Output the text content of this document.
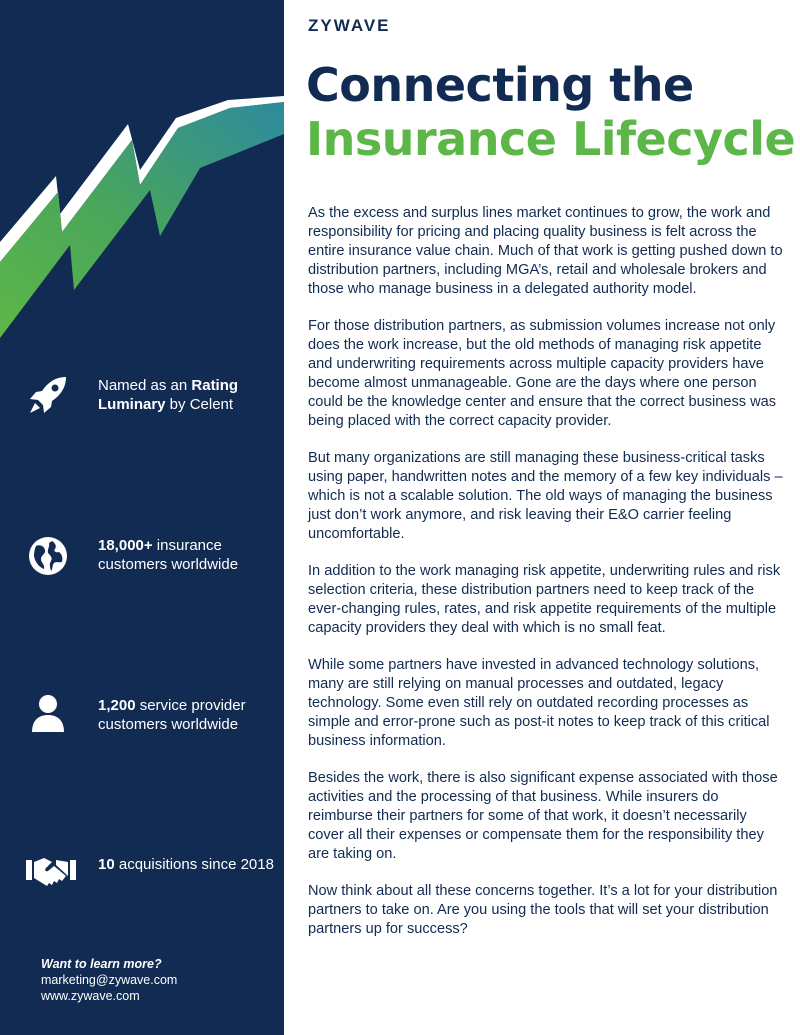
Named as an Rating Luminary by Celent
18,000+ insurance customers worldwide
1,200 service provider customers worldwide
10 acquisitions since 2018
Want to learn more?
marketing@zywave.com
www.zywave.com
ZYWAVE
Connecting the
Insurance Lifecycle

As the excess and surplus lines market continues to grow, the work and responsibility for pricing and placing quality business is felt across the entire insurance value chain. Much of that work is getting pushed down to distribution partners, including MGA’s, retail and wholesale brokers and those who manage business in a delegated authority model.

For those distribution partners, as submission volumes increase not only does the work increase, but the old methods of managing risk appetite and underwriting requirements across multiple capacity providers have become almost unmanageable. Gone are the days where one person could be the knowledge center and ensure that the correct business was being placed with the correct capacity provider.

But many organizations are still managing these business-critical tasks using paper, handwritten notes and the memory of a few key individuals – which is not a scalable solution. The old ways of managing the business just don’t work anymore, and risk leaving their E&O carrier feeling uncomfortable.

In addition to the work managing risk appetite, underwriting rules and risk selection criteria, these distribution partners need to keep track of the ever-changing rules, rates, and risk appetite requirements of the multiple capacity providers they deal with which is no small feat.

While some partners have invested in advanced technology solutions, many are still relying on manual processes and outdated, legacy technology. Some even still rely on outdated recording processes as simple and error-prone such as post-it notes to keep track of this critical business information.

Besides the work, there is also significant expense associated with those activities and the processing of that business. While insurers do reimburse their partners for some of that work, it doesn’t necessarily cover all their expenses or compensate them for the responsibility they are taking on.

Now think about all these concerns together. It’s a lot for your distribution partners to take on. Are you using the tools that will set your distribution partners up for success?
